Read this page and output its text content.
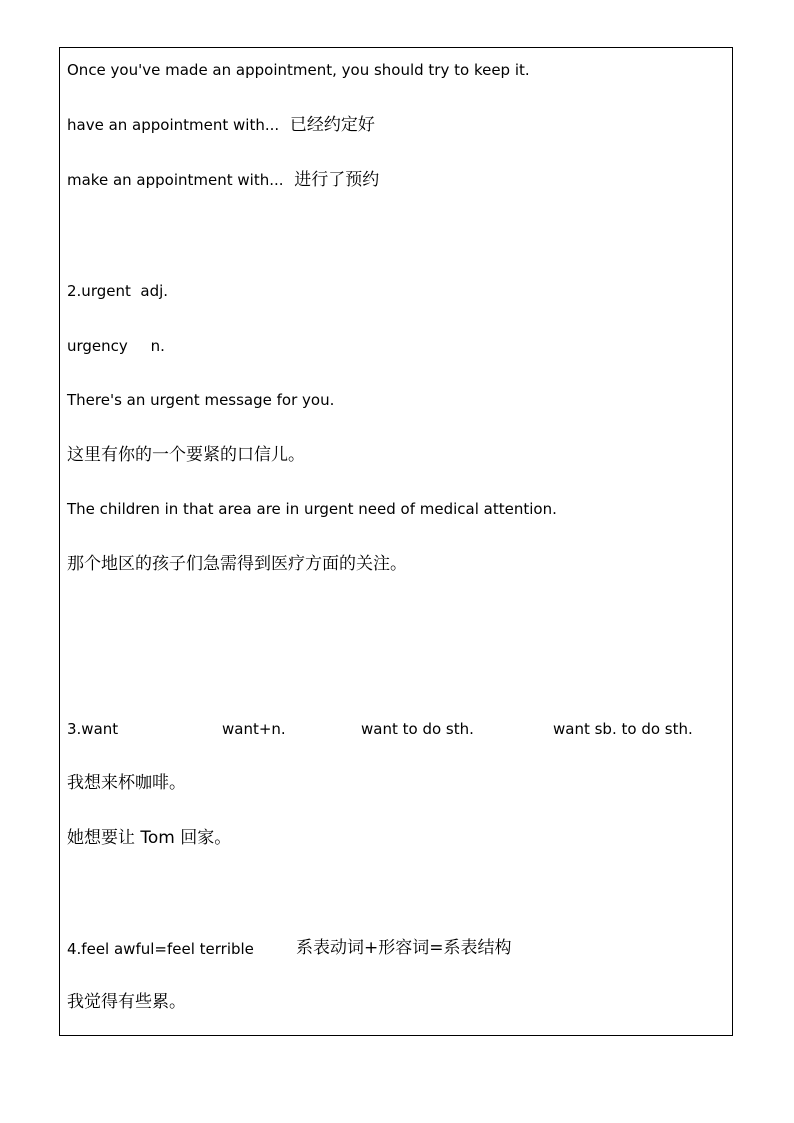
Once you've made an appointment, you should try to keep it.
have an appointment with... 已经约定好
make an appointment with... 进行了预约
2.urgent  adj.
urgency n.
There's an urgent message for you.
这里有你的一个要紧的口信儿。
The children in that area are in urgent need of medical attention.
那个地区的孩子们急需得到医疗方面的关注。
3.want	want+n.	want to do sth.	want sb. to do sth.
我想来杯咖啡。
她想要让 Tom 回家。
4.feel awful=feel terrible 系表动词+形容词=系表结构
我觉得有些累。
